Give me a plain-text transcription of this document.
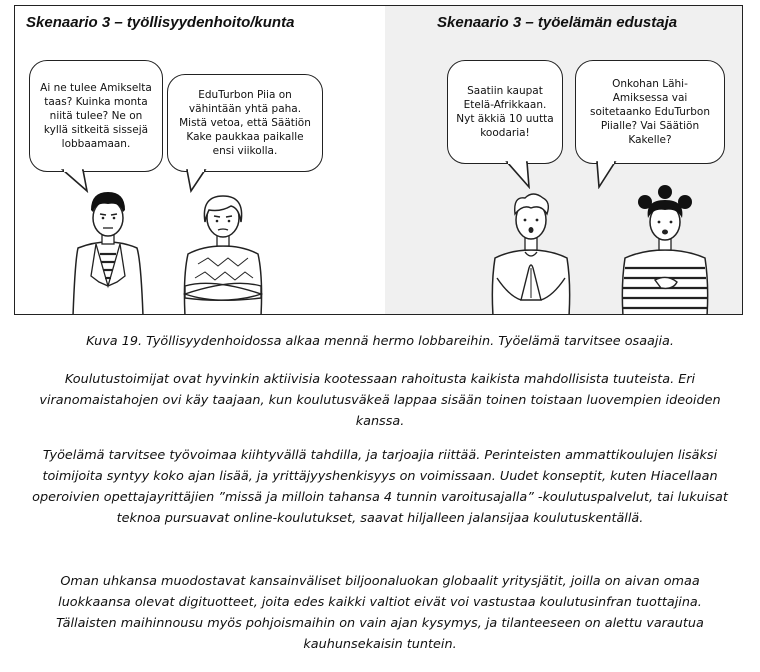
Skenaario 3 – työllisyydenhoito/kunta
Ai ne tulee Amikselta
taas? Kuinka monta
niitä tulee? Ne on
kyllä sitkeitä sissejä
lobbaamaan.
EduTurbon Piia on
vähintään yhtä paha.
Mistä vetoa, että Säätiön
Kake paukkaa paikalle
ensi viikolla.
Skenaario 3 – työelämän edustaja
Saatiin kaupat
Etelä-Afrikkaan.
Nyt äkkiä 10 uutta
koodaria!
Onkohan Lähi-
Amiksessa vai
soitetaanko EduTurbon
Piialle? Vai Säätiön
Kakelle?

Kuva 19. Työllisyydenhoidossa alkaa mennä hermo lobbareihin. Työelämä tarvitsee osaajia.

Koulutustoimijat ovat hyvinkin aktiivisia kootessaan rahoitusta kaikista mahdollisista tuuteista. Eri viranomaistahojen ovi käy taajaan, kun koulutusväkeä lappaa sisään toinen toistaan luovempien ideoiden kanssa.

Työelämä tarvitsee työvoimaa kiihtyvällä tahdilla, ja tarjoajia riittää. Perinteisten ammattikoulujen lisäksi toimijoita syntyy koko ajan lisää, ja yrittäjyyshenkisyys on voimissaan. Uudet konseptit, kuten Hiacellaan operoivien opettajayrittäjien ”missä ja milloin tahansa 4 tunnin varoitusajalla” -koulutuspalvelut, tai lukuisat teknoa pursuavat online-koulutukset, saavat hiljalleen jalansijaa koulutuskentällä.

Oman uhkansa muodostavat kansainväliset biljoonaluokan globaalit yritysjätit, joilla on aivan omaa luokkaansa olevat digituotteet, joita edes kaikki valtiot eivät voi vastustaa koulutusinfran tuottajina. Tällaisten maihinnousu myös pohjoismaihin on vain ajan kysymys, ja tilanteeseen on alettu varautua kauhunsekaisin tuntein.
